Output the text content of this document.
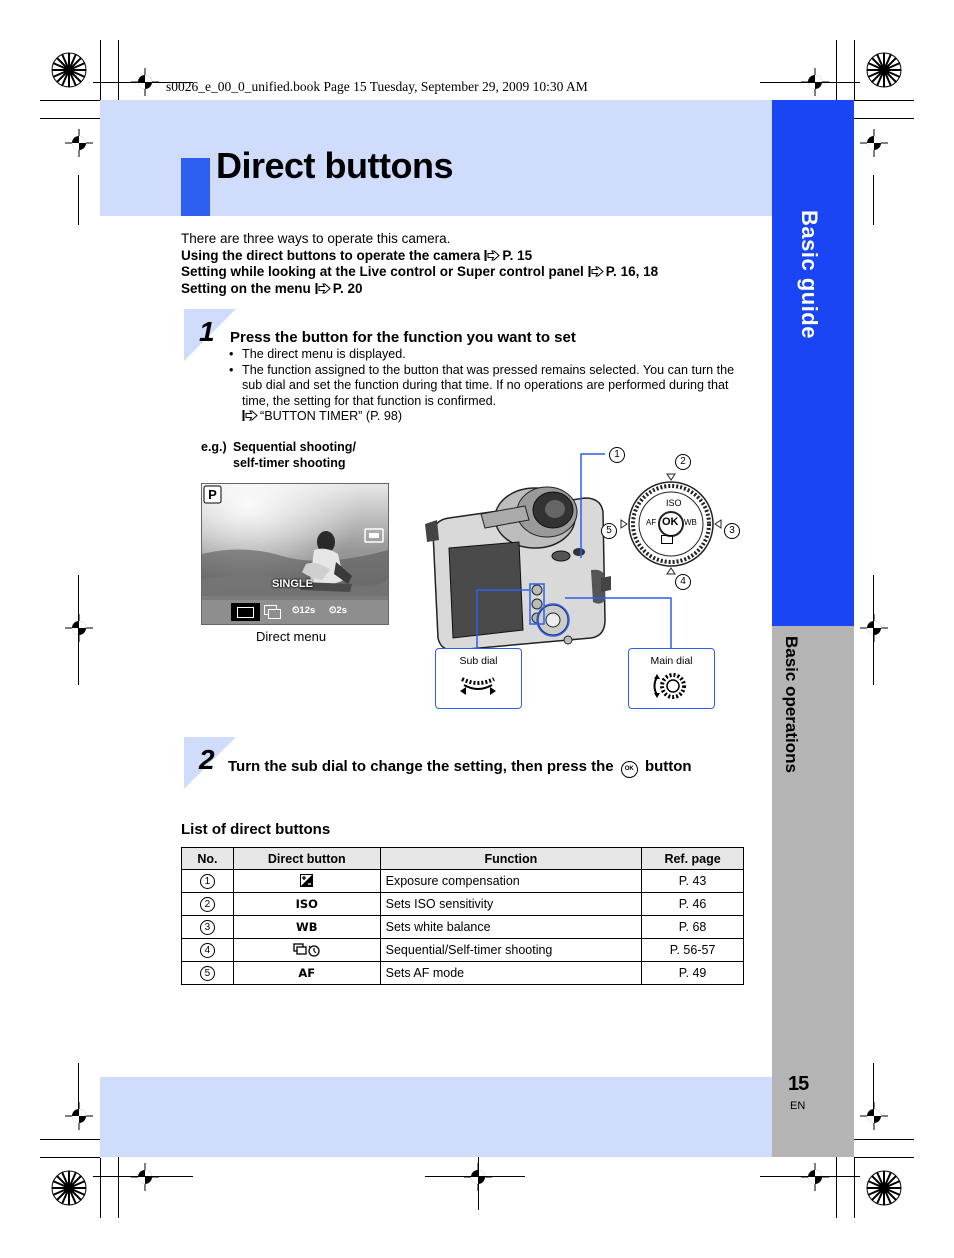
s0026_e_00_0_unified.book Page 15 Tuesday, September 29, 2009 10:30 AM
Direct buttons
Basic guide
Basic operations
There are three ways to operate this camera.
Using the direct buttons to operate the camera P. 15
Setting while looking at the Live control or Super control panel P. 16, 18
Setting on the menu P. 20
1 Press the button for the function you want to set
• The direct menu is displayed.
• The function assigned to the button that was pressed remains selected. You can turn the sub dial and set the function during that time. If no operations are performed during that time, the setting for that function is confirmed.
“BUTTON TIMER” (P. 98)
e.g.) Sequential shooting/
self-timer shooting
P
SINGLE
⏲12s ⏲2s
Direct menu
ISO
AF	WB
OK
1
2
3
4
5
Sub dial	Main dial
2 Turn the sub dial to change the setting, then press the OK button
List of direct buttons
No.	Direct button	Function	Ref. page
1		Exposure compensation	P. 43
2	ISO	Sets ISO sensitivity	P. 46
3	WB	Sets white balance	P. 68
4		Sequential/Self-timer shooting	P. 56-57
5	AF	Sets AF mode	P. 49
15
EN
